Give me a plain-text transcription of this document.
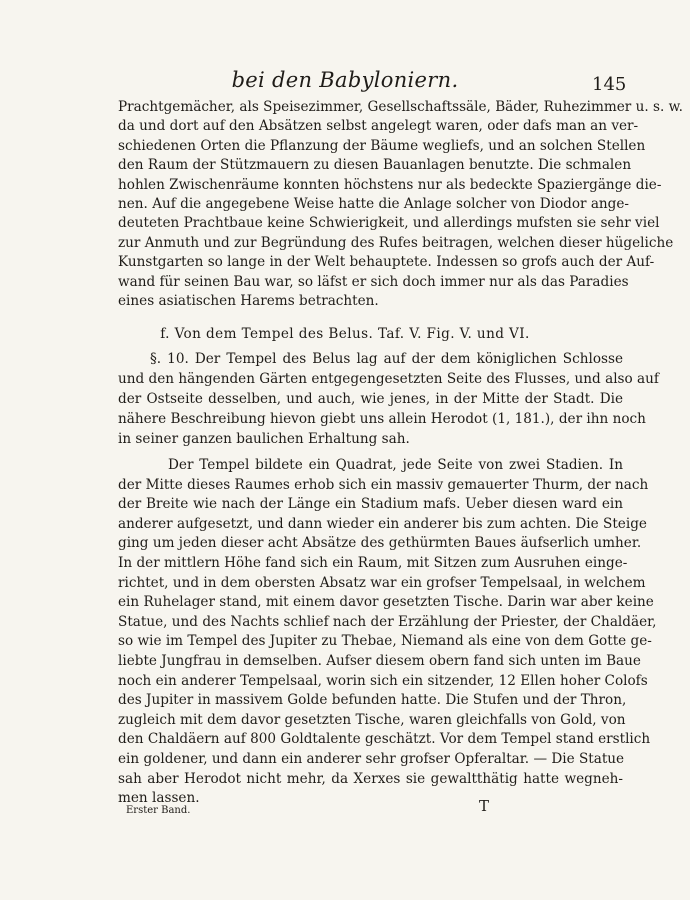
bei den Babyloniern.	145
Prachtgemächer, als Speisezimmer, Gesellschaftssäle, Bäder, Ruhezimmer u. s. w.
da und dort auf den Absätzen selbst angelegt waren, oder dafs man an ver-
schiedenen Orten die Pflanzung der Bäume wegliefs, und an solchen Stellen
den Raum der Stützmauern zu diesen Bauanlagen benutzte. Die schmalen
hohlen Zwischenräume konnten höchstens nur als bedeckte Spaziergänge die-
nen. Auf die angegebene Weise hatte die Anlage solcher von Diodor ange-
deuteten Prachtbaue keine Schwierigkeit, und allerdings mufsten sie sehr viel
zur Anmuth und zur Begründung des Rufes beitragen, welchen dieser hügeliche
Kunstgarten so lange in der Welt behauptete. Indessen so grofs auch der Auf-
wand für seinen Bau war, so läfst er sich doch immer nur als das Paradies
eines asiatischen Harems betrachten.
f. Von dem Tempel des Belus. Taf. V. Fig. V. und VI.
§. 10. Der Tempel des Belus lag auf der dem königlichen Schlosse
und den hängenden Gärten entgegengesetzten Seite des Flusses, und also auf
der Ostseite desselben, und auch, wie jenes, in der Mitte der Stadt. Die
nähere Beschreibung hievon giebt uns allein Herodot (1, 181.), der ihn noch
in seiner ganzen baulichen Erhaltung sah.
Der Tempel bildete ein Quadrat, jede Seite von zwei Stadien. In
der Mitte dieses Raumes erhob sich ein massiv gemauerter Thurm, der nach
der Breite wie nach der Länge ein Stadium mafs. Ueber diesen ward ein
anderer aufgesetzt, und dann wieder ein anderer bis zum achten. Die Steige
ging um jeden dieser acht Absätze des gethürmten Baues äufserlich umher.
In der mittlern Höhe fand sich ein Raum, mit Sitzen zum Ausruhen einge-
richtet, und in dem obersten Absatz war ein grofser Tempelsaal, in welchem
ein Ruhelager stand, mit einem davor gesetzten Tische. Darin war aber keine
Statue, und des Nachts schlief nach der Erzählung der Priester, der Chaldäer,
so wie im Tempel des Jupiter zu Thebae, Niemand als eine von dem Gotte ge-
liebte Jungfrau in demselben. Aufser diesem obern fand sich unten im Baue
noch ein anderer Tempelsaal, worin sich ein sitzender, 12 Ellen hoher Colofs
des Jupiter in massivem Golde befunden hatte. Die Stufen und der Thron,
zugleich mit dem davor gesetzten Tische, waren gleichfalls von Gold, von
den Chaldäern auf 800 Goldtalente geschätzt. Vor dem Tempel stand erstlich
ein goldener, und dann ein anderer sehr grofser Opferaltar. — Die Statue
sah aber Herodot nicht mehr, da Xerxes sie gewaltthätig hatte wegneh-
men lassen.
Erster Band.	T
